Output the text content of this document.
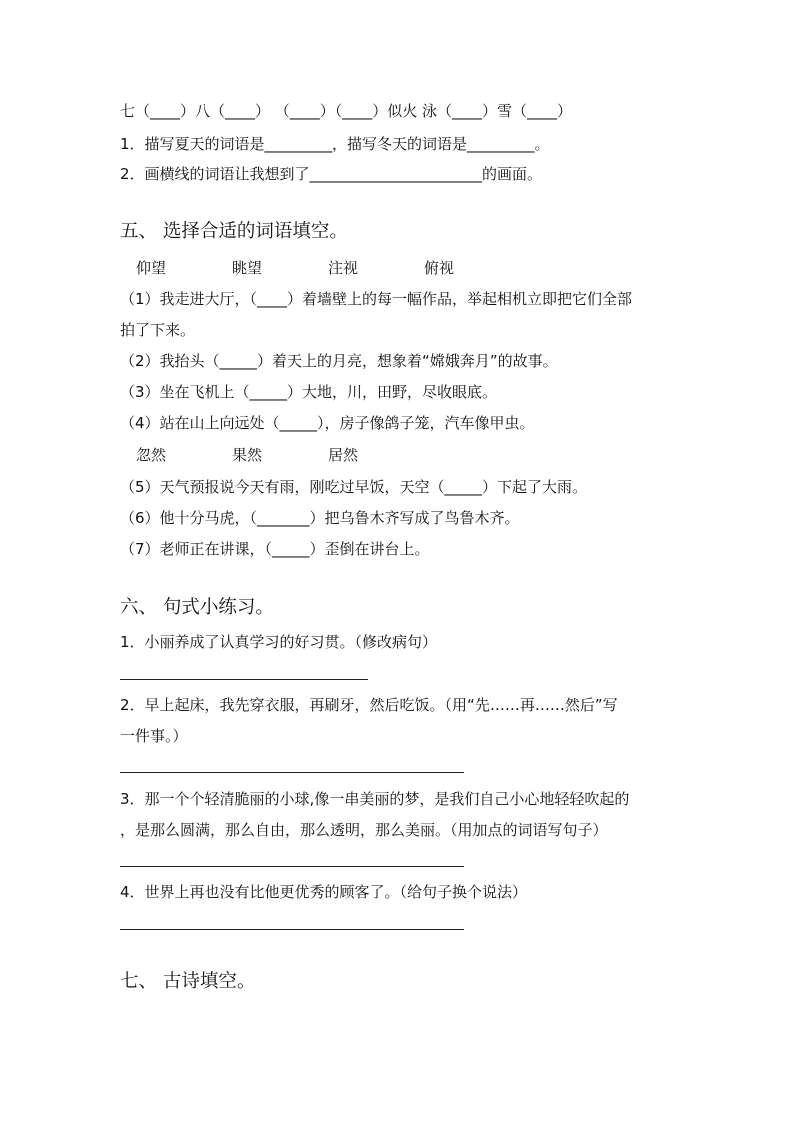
七（____）八（____） （____）（____）似火 泳（____）雪（____）

1．描写夏天的词语是_________，描写冬天的词语是_________。

2．画横线的词语让我想到了_______________________的画面。

五、 选择合适的词语填空。
仰望	眺望	注视	俯视

（1）我走进大厅，（____）着墙壁上的每一幅作品，举起相机立即把它们全部

拍了下来。

（2）我抬头（_____）着天上的月亮，想象着“嫦娥奔月”的故事。

（3）坐在飞机上（_____）大地，川，田野，尽收眼底。

（4）站在山上向远处（_____），房子像鸽子笼，汽车像甲虫。

忽然	果然	居然

（5）天气预报说今天有雨，刚吃过早饭，天空（_____）下起了大雨。

（6）他十分马虎，（_______）把乌鲁木齐写成了鸟鲁木齐。

（7）老师正在讲课，（_____）歪倒在讲台上。

六、 句式小练习。

1．小丽养成了认真学习的好习贯。（修改病句）

2．早上起床，我先穿衣服，再刷牙，然后吃饭。（用“先……再……然后”写

一件事。）

3．那一个个轻清脆丽的小球,像一串美丽的梦，是我们自己小心地轻轻吹起的

，是那么圆满，那么自由，那么透明，那么美丽。（用加点的词语写句子）

4．世界上再也没有比他更优秀的顾客了。（给句子换个说法）

七、 古诗填空。
